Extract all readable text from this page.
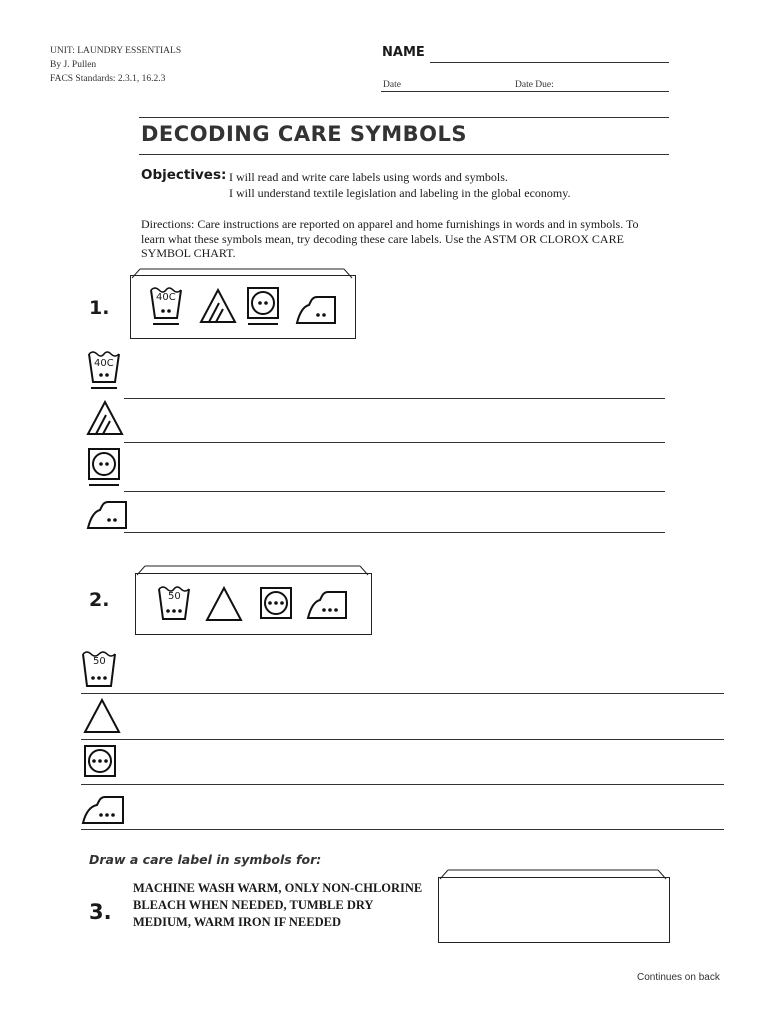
UNIT: LAUNDRY ESSENTIALS
By J. Pullen
FACS Standards: 2.3.1, 16.2.3
NAME
Date	Date Due:
DECODING CARE SYMBOLS
Objectives: I will read and write care labels using words and symbols.
I will understand textile legislation and labeling in the global economy.
Directions: Care instructions are reported on apparel and home furnishings in words and in symbols. To learn what these symbols mean, try decoding these care labels. Use the ASTM OR CLOROX CARE SYMBOL CHART.
1.	40C
40C
2.	50
50
Draw a care label in symbols for:
3.
MACHINE WASH WARM, ONLY NON-CHLORINE BLEACH WHEN NEEDED, TUMBLE DRY MEDIUM, WARM IRON IF NEEDED
Continues on back
